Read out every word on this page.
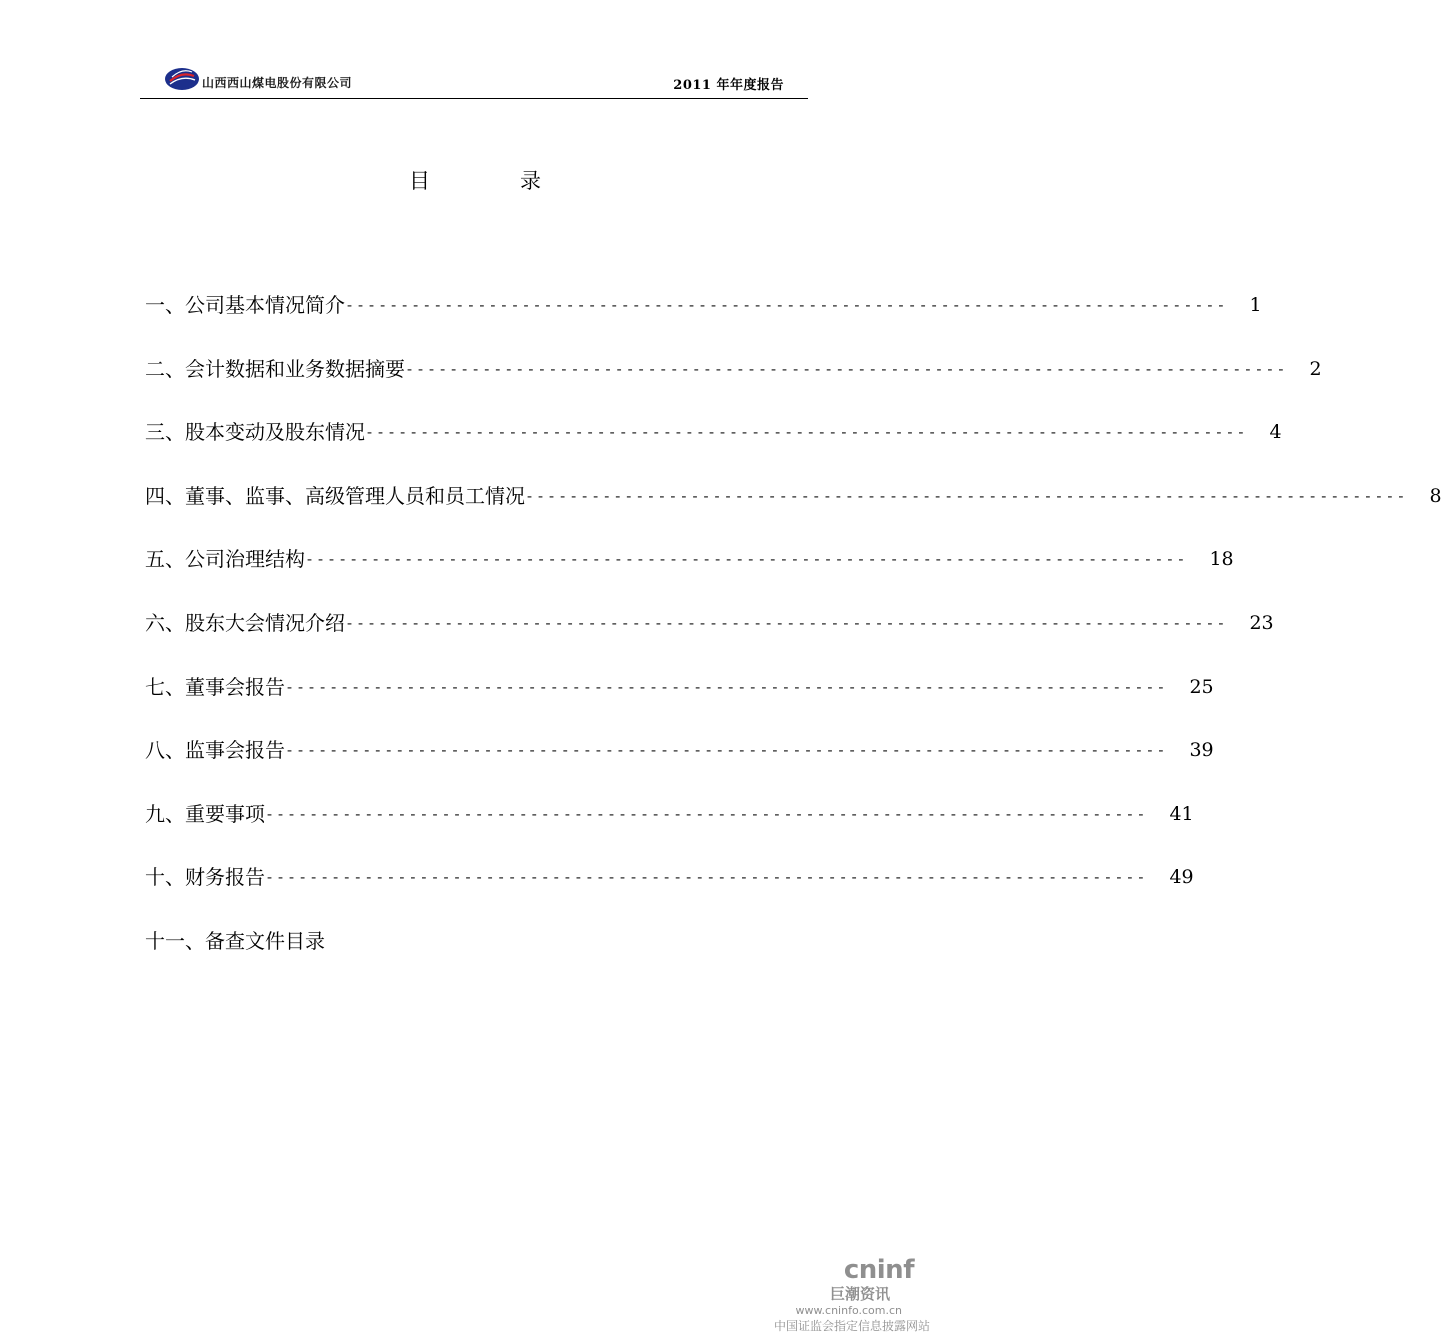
山西西山煤电股份有限公司	2011 年年度报告
目录
一、公司基本情况简介 -------------------------------------------------------------------------------- 1
二、会计数据和业务数据摘要 -------------------------------------------------------------------------------- 2
三、股本变动及股东情况 -------------------------------------------------------------------------------- 4
四、董事、监事、高级管理人员和员工情况 -------------------------------------------------------------------------------- 8
五、公司治理结构 -------------------------------------------------------------------------------- 18
六、股东大会情况介绍 -------------------------------------------------------------------------------- 23
七、董事会报告 -------------------------------------------------------------------------------- 25
八、监事会报告 -------------------------------------------------------------------------------- 39
九、重要事项 -------------------------------------------------------------------------------- 41
十、财务报告 -------------------------------------------------------------------------------- 49
十一、备查文件目录
cninf
巨潮资讯
www.cninfo.com.cn
中国证监会指定信息披露网站
